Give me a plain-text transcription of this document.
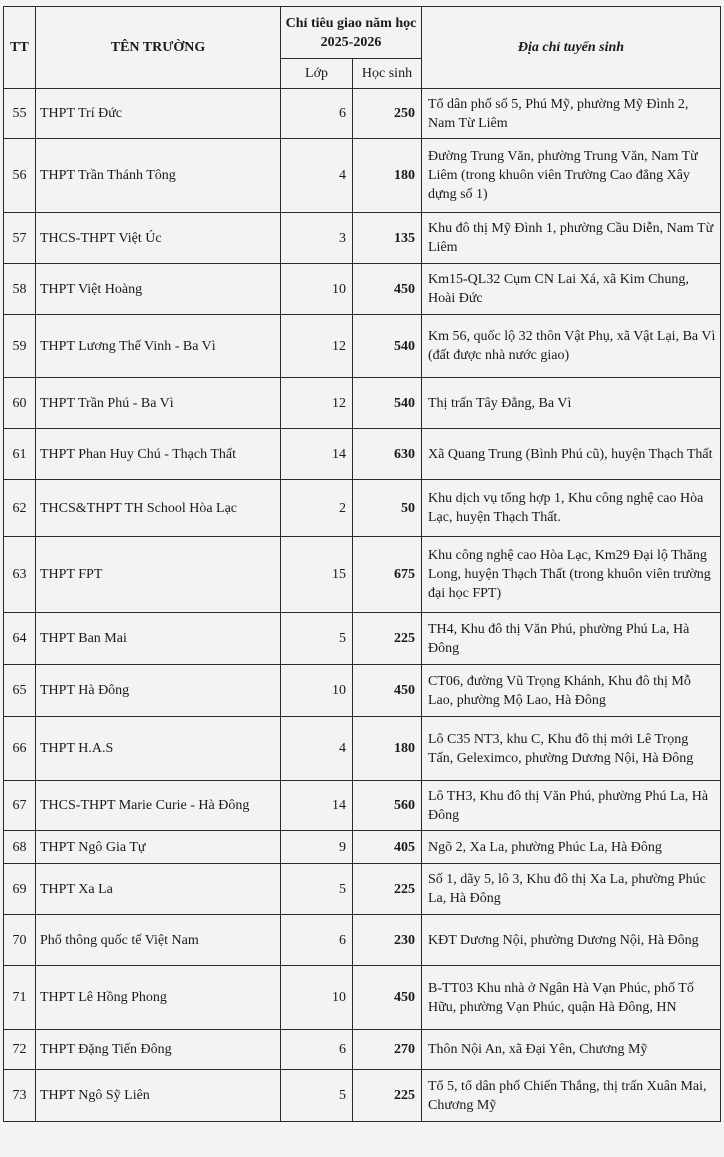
TT	TÊN TRƯỜNG	Chỉ tiêu giao năm học 2025-2026		Địa chỉ tuyển sinh
		Lớp	Học sinh	
55	THPT Trí Đức	6	250	Tổ dân phố số 5, Phú Mỹ, phường Mỹ Đình 2, Nam Từ Liêm
56	THPT Trần Thánh Tông	4	180	Đường Trung Văn, phường Trung Văn, Nam Từ Liêm (trong khuôn viên Trường Cao đẳng Xây dựng số 1)
57	THCS-THPT Việt Úc	3	135	Khu đô thị Mỹ Đình 1, phường Cầu Diễn, Nam Từ Liêm
58	THPT Việt Hoàng	10	450	Km15-QL32 Cụm CN Lai Xá, xã Kim Chung, Hoài Đức
59	THPT Lương Thế Vinh - Ba Vì	12	540	Km 56, quốc lộ 32 thôn Vật Phụ, xã Vật Lại, Ba Vì (đất được nhà nước giao)
60	THPT Trần Phú - Ba Vì	12	540	Thị trấn Tây Đằng, Ba Vì
61	THPT Phan Huy Chú - Thạch Thất	14	630	Xã Quang Trung (Bình Phú cũ), huyện Thạch Thất
62	THCS&THPT TH School Hòa Lạc	2	50	Khu dịch vụ tổng hợp 1, Khu công nghệ cao Hòa Lạc, huyện Thạch Thất.
63	THPT FPT	15	675	Khu công nghệ cao Hòa Lạc, Km29 Đại lộ Thăng Long, huyện Thạch Thất (trong khuôn viên trường đại học FPT)
64	THPT Ban Mai	5	225	TH4, Khu đô thị Văn Phú, phường Phú La, Hà Đông
65	THPT Hà Đông	10	450	CT06, đường Vũ Trọng Khánh, Khu đô thị Mỗ Lao, phường Mộ Lao, Hà Đông
66	THPT H.A.S	4	180	Lô C35 NT3, khu C, Khu đô thị mới Lê Trọng Tấn, Geleximco, phường Dương Nội, Hà Đông
67	THCS-THPT Marie Curie - Hà Đông	14	560	Lô TH3, Khu đô thị Văn Phú, phường Phú La, Hà Đông
68	THPT Ngô Gia Tự	9	405	Ngõ 2, Xa La, phường Phúc La, Hà Đông
69	THPT Xa La	5	225	Số 1, dãy 5, lô 3, Khu đô thị Xa La, phường Phúc La, Hà Đông
70	Phổ thông quốc tế Việt Nam	6	230	KĐT Dương Nội, phường Dương Nội, Hà Đông
71	THPT Lê Hồng Phong	10	450	B-TT03 Khu nhà ở Ngân Hà Vạn Phúc, phố Tố Hữu, phường Vạn Phúc, quận Hà Đông, HN
72	THPT Đặng Tiến Đông	6	270	Thôn Nội An, xã Đại Yên, Chương Mỹ
73	THPT Ngô Sỹ Liên	5	225	Tổ 5, tổ dân phố Chiến Thắng, thị trấn Xuân Mai, Chương Mỹ
